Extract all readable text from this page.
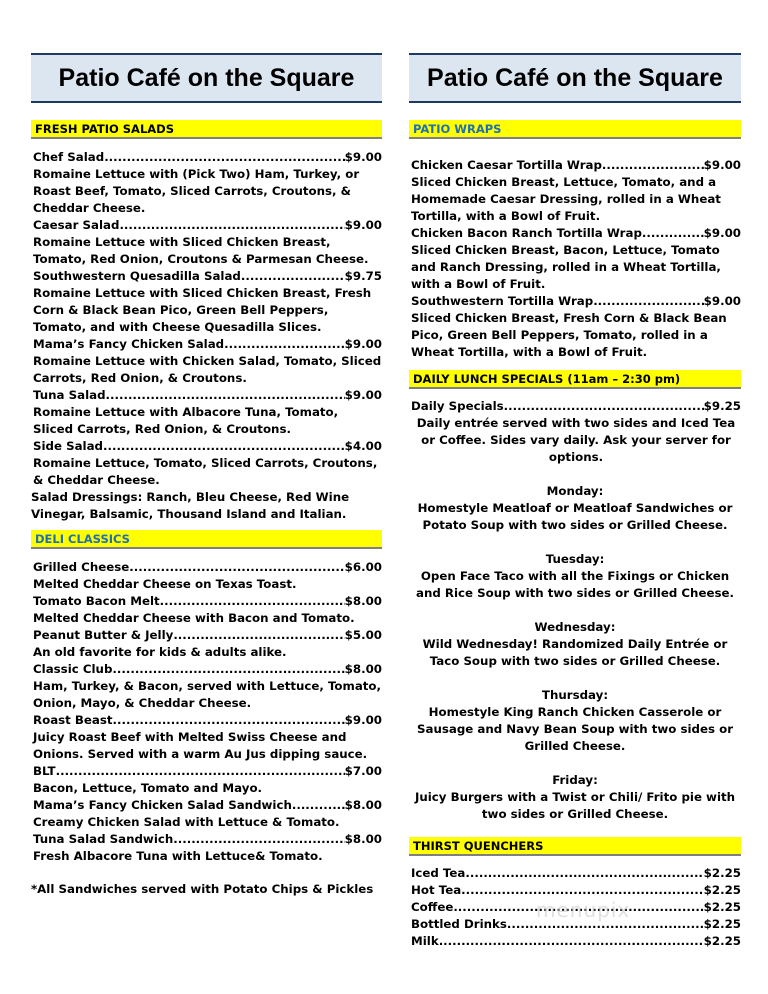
Patio Café on the Square
FRESH PATIO SALADS
Chef Salad .....	$9.00
Romaine Lettuce with (Pick Two) Ham, Turkey, or Roast Beef, Tomato, Sliced Carrots, Croutons, & Cheddar Cheese.
Caesar Salad .....	$9.00
Romaine Lettuce with Sliced Chicken Breast, Tomato, Red Onion, Croutons & Parmesan Cheese.
Southwestern Quesadilla Salad .....	$9.75
Romaine Lettuce with Sliced Chicken Breast, Fresh Corn & Black Bean Pico, Green Bell Peppers, Tomato, and with Cheese Quesadilla Slices.
Mama’s Fancy Chicken Salad .....	$9.00
Romaine Lettuce with Chicken Salad, Tomato, Sliced Carrots, Red Onion, & Croutons.
Tuna Salad .....	$9.00
Romaine Lettuce with Albacore Tuna, Tomato, Sliced Carrots, Red Onion, & Croutons.
Side Salad .....	$4.00
Romaine Lettuce, Tomato, Sliced Carrots, Croutons, & Cheddar Cheese.
Salad Dressings: Ranch, Bleu Cheese, Red Wine Vinegar, Balsamic, Thousand Island and Italian.
DELI CLASSICS
Grilled Cheese .....	$6.00
Melted Cheddar Cheese on Texas Toast.
Tomato Bacon Melt .....	$8.00
Melted Cheddar Cheese with Bacon and Tomato.
Peanut Butter & Jelly .....	$5.00
An old favorite for kids & adults alike.
Classic Club .....	$8.00
Ham, Turkey, & Bacon, served with Lettuce, Tomato, Onion, Mayo, & Cheddar Cheese.
Roast Beast .....	$9.00
Juicy Roast Beef with Melted Swiss Cheese and Onions. Served with a warm Au Jus dipping sauce.
BLT .....	$7.00
Bacon, Lettuce, Tomato and Mayo.
Mama’s Fancy Chicken Salad Sandwich .....	$8.00
Creamy Chicken Salad with Lettuce & Tomato.
Tuna Salad Sandwich .....	$8.00
Fresh Albacore Tuna with Lettuce& Tomato.
*All Sandwiches served with Potato Chips & Pickles
Patio Café on the Square
PATIO WRAPS
Chicken Caesar Tortilla Wrap .....	$9.00
Sliced Chicken Breast, Lettuce, Tomato, and a Homemade Caesar Dressing, rolled in a Wheat Tortilla, with a Bowl of Fruit.
Chicken Bacon Ranch Tortilla Wrap .....	$9.00
Sliced Chicken Breast, Bacon, Lettuce, Tomato and Ranch Dressing, rolled in a Wheat Tortilla, with a Bowl of Fruit.
Southwestern Tortilla Wrap .....	$9.00
Sliced Chicken Breast, Fresh Corn & Black Bean Pico, Green Bell Peppers, Tomato, rolled in a Wheat Tortilla, with a Bowl of Fruit.
DAILY LUNCH SPECIALS (11am – 2:30 pm)
Daily Specials .....	$9.25
Daily entrée served with two sides and Iced Tea or Coffee. Sides vary daily. Ask your server for options.
Monday:
Homestyle Meatloaf or Meatloaf Sandwiches or Potato Soup with two sides or Grilled Cheese.
Tuesday:
Open Face Taco with all the Fixings or Chicken and Rice Soup with two sides or Grilled Cheese.
Wednesday:
Wild Wednesday! Randomized Daily Entrée or Taco Soup with two sides or Grilled Cheese.
Thursday:
Homestyle King Ranch Chicken Casserole or Sausage and Navy Bean Soup with two sides or Grilled Cheese.
Friday:
Juicy Burgers with a Twist or Chili/ Frito pie with two sides or Grilled Cheese.
THIRST QUENCHERS
Iced Tea .....	$2.25
Hot Tea .....	$2.25
Coffee .....	$2.25
Bottled Drinks .....	$2.25
Milk .....	$2.25
menupix
